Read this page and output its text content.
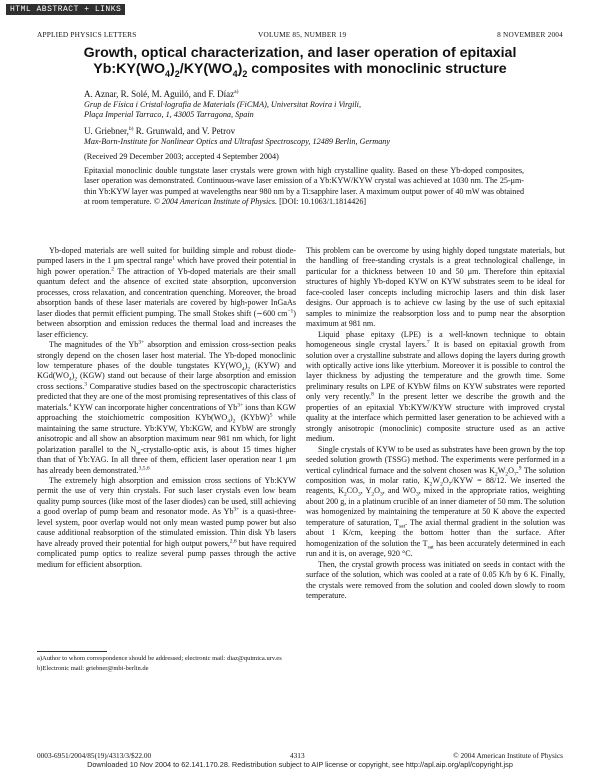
HTML ABSTRACT + LINKS
APPLIED PHYSICS LETTERS	VOLUME 85, NUMBER 19	8 NOVEMBER 2004
Growth, optical characterization, and laser operation of epitaxial
$Yb:KY(WO_4)_2/KY(WO_4)_2$ composites with monoclinic structure
A. Aznar, R. Solé, M. Aguiló, and F. Díaz$^{a)}$
Grup de Física i Cristal·lografia de Materials (FiCMA), Universitat Rovira i Virgili,
Plaça Imperial Tarraco, 1, 43005 Tarragona, Spain
U. Griebner,$^{b)}$ R. Grunwald, and V. Petrov
Max-Born-Institute for Nonlinear Optics and Ultrafast Spectroscopy, 12489 Berlin, Germany
(Received 29 December 2003; accepted 4 September 2004)
Epitaxial monoclinic double tungstate laser crystals were grown with high crystalline quality. Based on these Yb-doped composites, laser operation was demonstrated. Continuous-wave laser emission of a Yb:KYW/KYW crystal was achieved at 1030 nm. The 25-μm-thin Yb:KYW layer was pumped at wavelengths near 980 nm by a Ti:sapphire laser. A maximum output power of 40 mW was obtained at room temperature. © 2004 American Institute of Physics. [DOI: 10.1063/1.1814426]

Yb-doped materials are well suited for building simple and robust diode-pumped lasers in the 1 μm spectral range$^1$ which have proved their potential in high power operation.$^2$ The attraction of Yb-doped materials are their small quantum defect and the absence of excited state absorption, upconversion processes, cross relaxation, and concentration quenching. Moreover, the broad absorption bands of these laser materials are covered by high-power InGaAs laser diodes that permit efficient pumping. The small Stokes shift (∼600 $cm^{-1}$) between absorption and emission reduces the thermal load and increases the laser efficiency.

The magnitudes of the $Yb^{3+}$ absorption and emission cross-section peaks strongly depend on the chosen laser host material. The Yb-doped monoclinic low temperature phases of the double tungstates $KY(WO_4)_2$ (KYW) and $KGd(WO_4)_2$ (KGW) stand out because of their large absorption and emission cross sections.$^3$ Comparative studies based on the spectroscopic characteristics predicted that they are one of the most promising representatives of this class of materials.$^4$ KYW can incorporate higher concentrations of $Yb^{3+}$ ions than KGW approaching the stoichiometric composition $KYb(WO_4)_2$ (KYbW)$^5$ while maintaining the same structure. Yb:KYW, Yb:KGW, and KYbW are strongly anisotropic and all show an absorption maximum near 981 nm which, for light polarization parallel to the $N_m-crystallo$-optic axis, is about 15 times higher than that of Yb:YAG. In all three of them, efficient laser operation near 1 μm has already been demonstrated.$^{3,5,6}$

The extremely high absorption and emission cross sections of Yb:KYW permit the use of very thin crystals. For such laser crystals even low beam quality pump sources (like most of the laser diodes) can be used, still achieving a good overlap of pump beam and resonator mode. As $Yb^{3+}$ is a quasi-three-level system, poor overlap would not only mean wasted pump power but also cause additional reabsorption of the stimulated emission. Thin disk Yb lasers have already proved their potential for high output powers,$^{2,6}$ but have required complicated pump optics to realize several pump passes through the active medium for efficient absorption.

This problem can be overcome by using highly doped tungstate materials, but the handling of free-standing crystals is a great technological challenge, in particular for a thickness between 10 and 50 μm. Therefore thin epitaxial structures of highly Yb-doped KYW on KYW substrates seem to be ideal for face-cooled laser concepts including microchip lasers and thin disk laser designs. Our approach is to achieve cw lasing by the use of such epitaxial samples to minimize the reabsorption loss and to pump near the absorption maximum at 981 nm.

Liquid phase epitaxy (LPE) is a well-known technique to obtain homogeneous single crystal layers.$^7$ It is based on epitaxial growth from solution over a crystalline substrate and allows doping the layers during growth with optically active ions like ytterbium. Moreover it is possible to control the layer thickness by adjusting the temperature and the growth time. Some preliminary results on LPE of KYbW films on KYW substrates were reported only very recently.$^8$ In the present letter we describe the growth and the properties of an epitaxial Yb:KYW/KYW structure with improved crystal quality at the interface which permitted laser generation to be achieved with a strongly anisotropic (monoclinic) composite structure used as an active medium.

Single crystals of KYW to be used as substrates have been grown by the top seeded solution growth (TSSG) method. The experiments were performed in a vertical cylindrical furnace and the solvent chosen was $K_2W_2O_7.^9$ The solution composition was, in molar ratio, $K_2W_2O_7$/KYW = 88/12. We inserted the reagents, $K_2CO_3$, $Y_2O_3$, and $WO_3$, mixed in the appropriate ratios, weighting about 200 g, in a platinum crucible of an inner diameter of 50 mm. The solution was homogenized by maintaining the temperature at 50 K above the expected temperature of saturation, $T_{sat}$. The axial thermal gradient in the solution was about 1 K/cm, keeping the bottom hotter than the surface. After homogenization of the solution the $T_{sat}$ has been accurately determined in each run and it is, on average, 920 °C.

Then, the crystal growth process was initiated on seeds in contact with the surface of the solution, which was cooled at a rate of 0.05 K/h by 6 K. Finally, the crystals were removed from the solution and cooled down slowly to room temperature.

a)Author to whom correspondence should be addressed; electronic mail: diaz@quimica.urv.es

b)Electronic mail: griebner@mbi-berlin.de

0003-6951/2004/85(19)/4313/3/$22.00	4313	© 2004 American Institute of Physics
Downloaded 10 Nov 2004 to 62.141.170.28. Redistribution subject to AIP license or copyright, see http://apl.aip.org/apl/copyright.jsp
